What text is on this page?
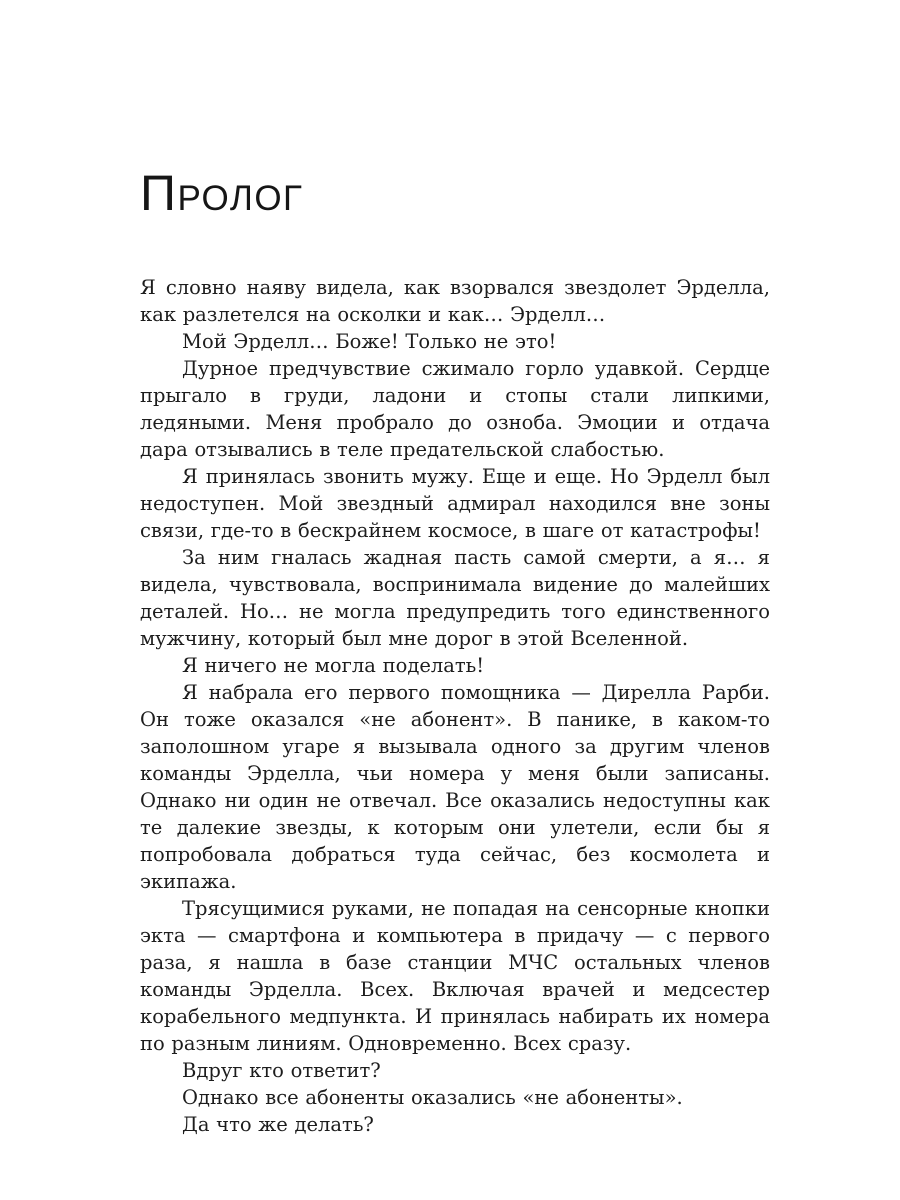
Пролог

Я словно наяву видела, как взорвался звездолет Эрделла, как разлетелся на осколки и как… Эрделл…

Мой Эрделл… Боже! Только не это!

Дурное предчувствие сжимало горло удавкой. Сердце прыгало в груди, ладони и стопы стали липкими, ледяными. Меня пробрало до озноба. Эмоции и отдача дара отзывались в теле предательской слабостью.

Я принялась звонить мужу. Еще и еще. Но Эрделл был недоступен. Мой звездный адмирал находился вне зоны связи, где-то в бескрайнем космосе, в шаге от катастрофы!

За ним гналась жадная пасть самой смерти, а я… я видела, чувствовала, воспринимала видение до малейших деталей. Но… не могла предупредить того единственного мужчину, который был мне дорог в этой Вселенной.

Я ничего не могла поделать!

Я набрала его первого помощника — Дирелла Рарби. Он тоже оказался «не абонент». В панике, в каком-то заполошном угаре я вызывала одного за другим членов команды Эрделла, чьи номера у меня были записаны. Однако ни один не отвечал. Все оказались недоступны как те далекие звезды, к которым они улетели, если бы я попробовала добраться туда сейчас, без космолета и экипажа.

Трясущимися руками, не попадая на сенсорные кнопки экта — смартфона и компьютера в придачу — с первого раза, я нашла в базе станции МЧС остальных членов команды Эрделла. Всех. Включая врачей и медсестер корабельного медпункта. И принялась набирать их номера по разным линиям. Одновременно. Всех сразу.

Вдруг кто ответит?

Однако все абоненты оказались «не абоненты».

Да что же делать?
